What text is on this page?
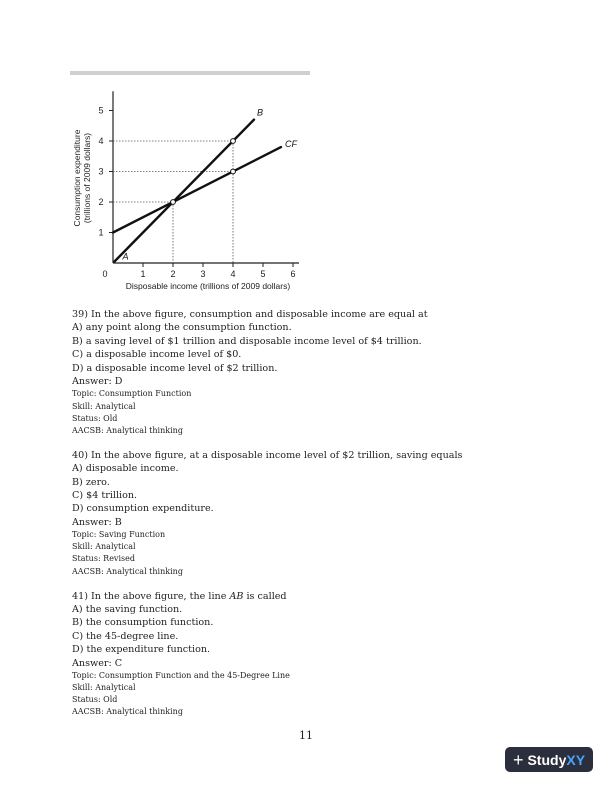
0	1	2	3	4	5	6
1
2
3
4
5	B
A
CF
Disposable income (trillions of 2009 dollars)
Consumption expenditure (trillions of 2009 dollars)
39) In the above figure, consumption and disposable income are equal at
A) any point along the consumption function.
B) a saving level of $1 trillion and disposable income level of $4 trillion.
C) a disposable income level of $0.
D) a disposable income level of $2 trillion.
Answer: D
Topic: Consumption Function
Skill: Analytical
Status: Old
AACSB: Analytical thinking
40) In the above figure, at a disposable income level of $2 trillion, saving equals
A) disposable income.
B) zero.
C) $4 trillion.
D) consumption expenditure.
Answer: B
Topic: Saving Function
Skill: Analytical
Status: Revised
AACSB: Analytical thinking
41) In the above figure, the line AB is called
A) the saving function.
B) the consumption function.
C) the 45-degree line.
D) the expenditure function.
Answer: C
Topic: Consumption Function and the 45-Degree Line
Skill: Analytical
Status: Old
AACSB: Analytical thinking
11
+ Study XY
